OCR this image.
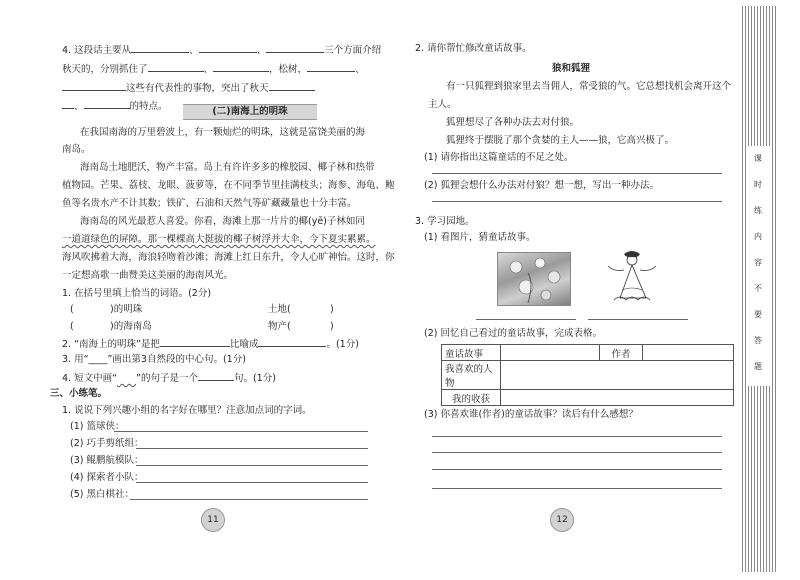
4. 这段话主要从	、	、	三个方面介绍
秋天的，分别抓住了	、	，松树，	、
这些有代表性的事物，突出了秋天
、	的特点。	(二)南海上的明珠
在我国南海的万里碧波上，有一颗灿烂的明珠，这就是富饶美丽的海
南岛。
海南岛土地肥沃，物产丰富。岛上有许许多多的橡胶园、椰子林和热带
植物园。芒果、荔枝、龙眼、菠萝等，在不同季节里挂满枝头；海参、海龟、鲍
鱼等名贵水产不计其数；铁矿、石油和天然气等矿藏藏量也十分丰富。
海南岛的风光最惹人喜爱。你看，海滩上那一片片的椰(yē)子林如同
一道道绿色的屏障。那一棵棵高大挺拔的椰子树浮并大伞，今下夏实累累。
海风吹拂着大海，海浪轻吻着沙滩；海滩上红日东升，令人心旷神怡。这时，你
一定想高歌一曲赞美这美丽的海南风光。
1. 在括号里填上恰当的词语。(2分)
(	)的明珠	土地(	)
(	)的海南岛	物产(	)
2. “南海上的明珠”是把	比喻成	。(1分)
3. 用“____”画出第3自然段的中心句。(1分)
4. 短文中画“　　 ”的句子是一个	句。(1分)
三、小练笔。
1. 说说下列兴趣小组的名字好在哪里？注意加点词的字词。
(1) 篮球侠：
(2) 巧手剪纸组：
(3) 鲲鹏航模队：
(4) 探索者小队：
(5) 黑白棋社：
11
2. 请你帮忙修改童话故事。
狼和狐狸
有一只狐狸到狼家里去当佣人，常受狼的气。它总想找机会离开这个
主人。
狐狸想尽了各种办法去对付狼。
狐狸终于摆脱了那个贪婪的主人——狼，它高兴极了。
(1) 请你指出这篇童话的不足之处。
(2) 狐狸会想什么办法对付狼？想一想，写出一种办法。
3. 学习园地。
(1) 看图片，猜童话故事。
(2) 回忆自己看过的童话故事，完成表格。
童话故事		作者	
我喜欢的人物			
我的收获			
(3) 你喜欢谁(作者)的童话故事？读后有什么感想？
12
课
时
练
内
容
不
要
答
题
